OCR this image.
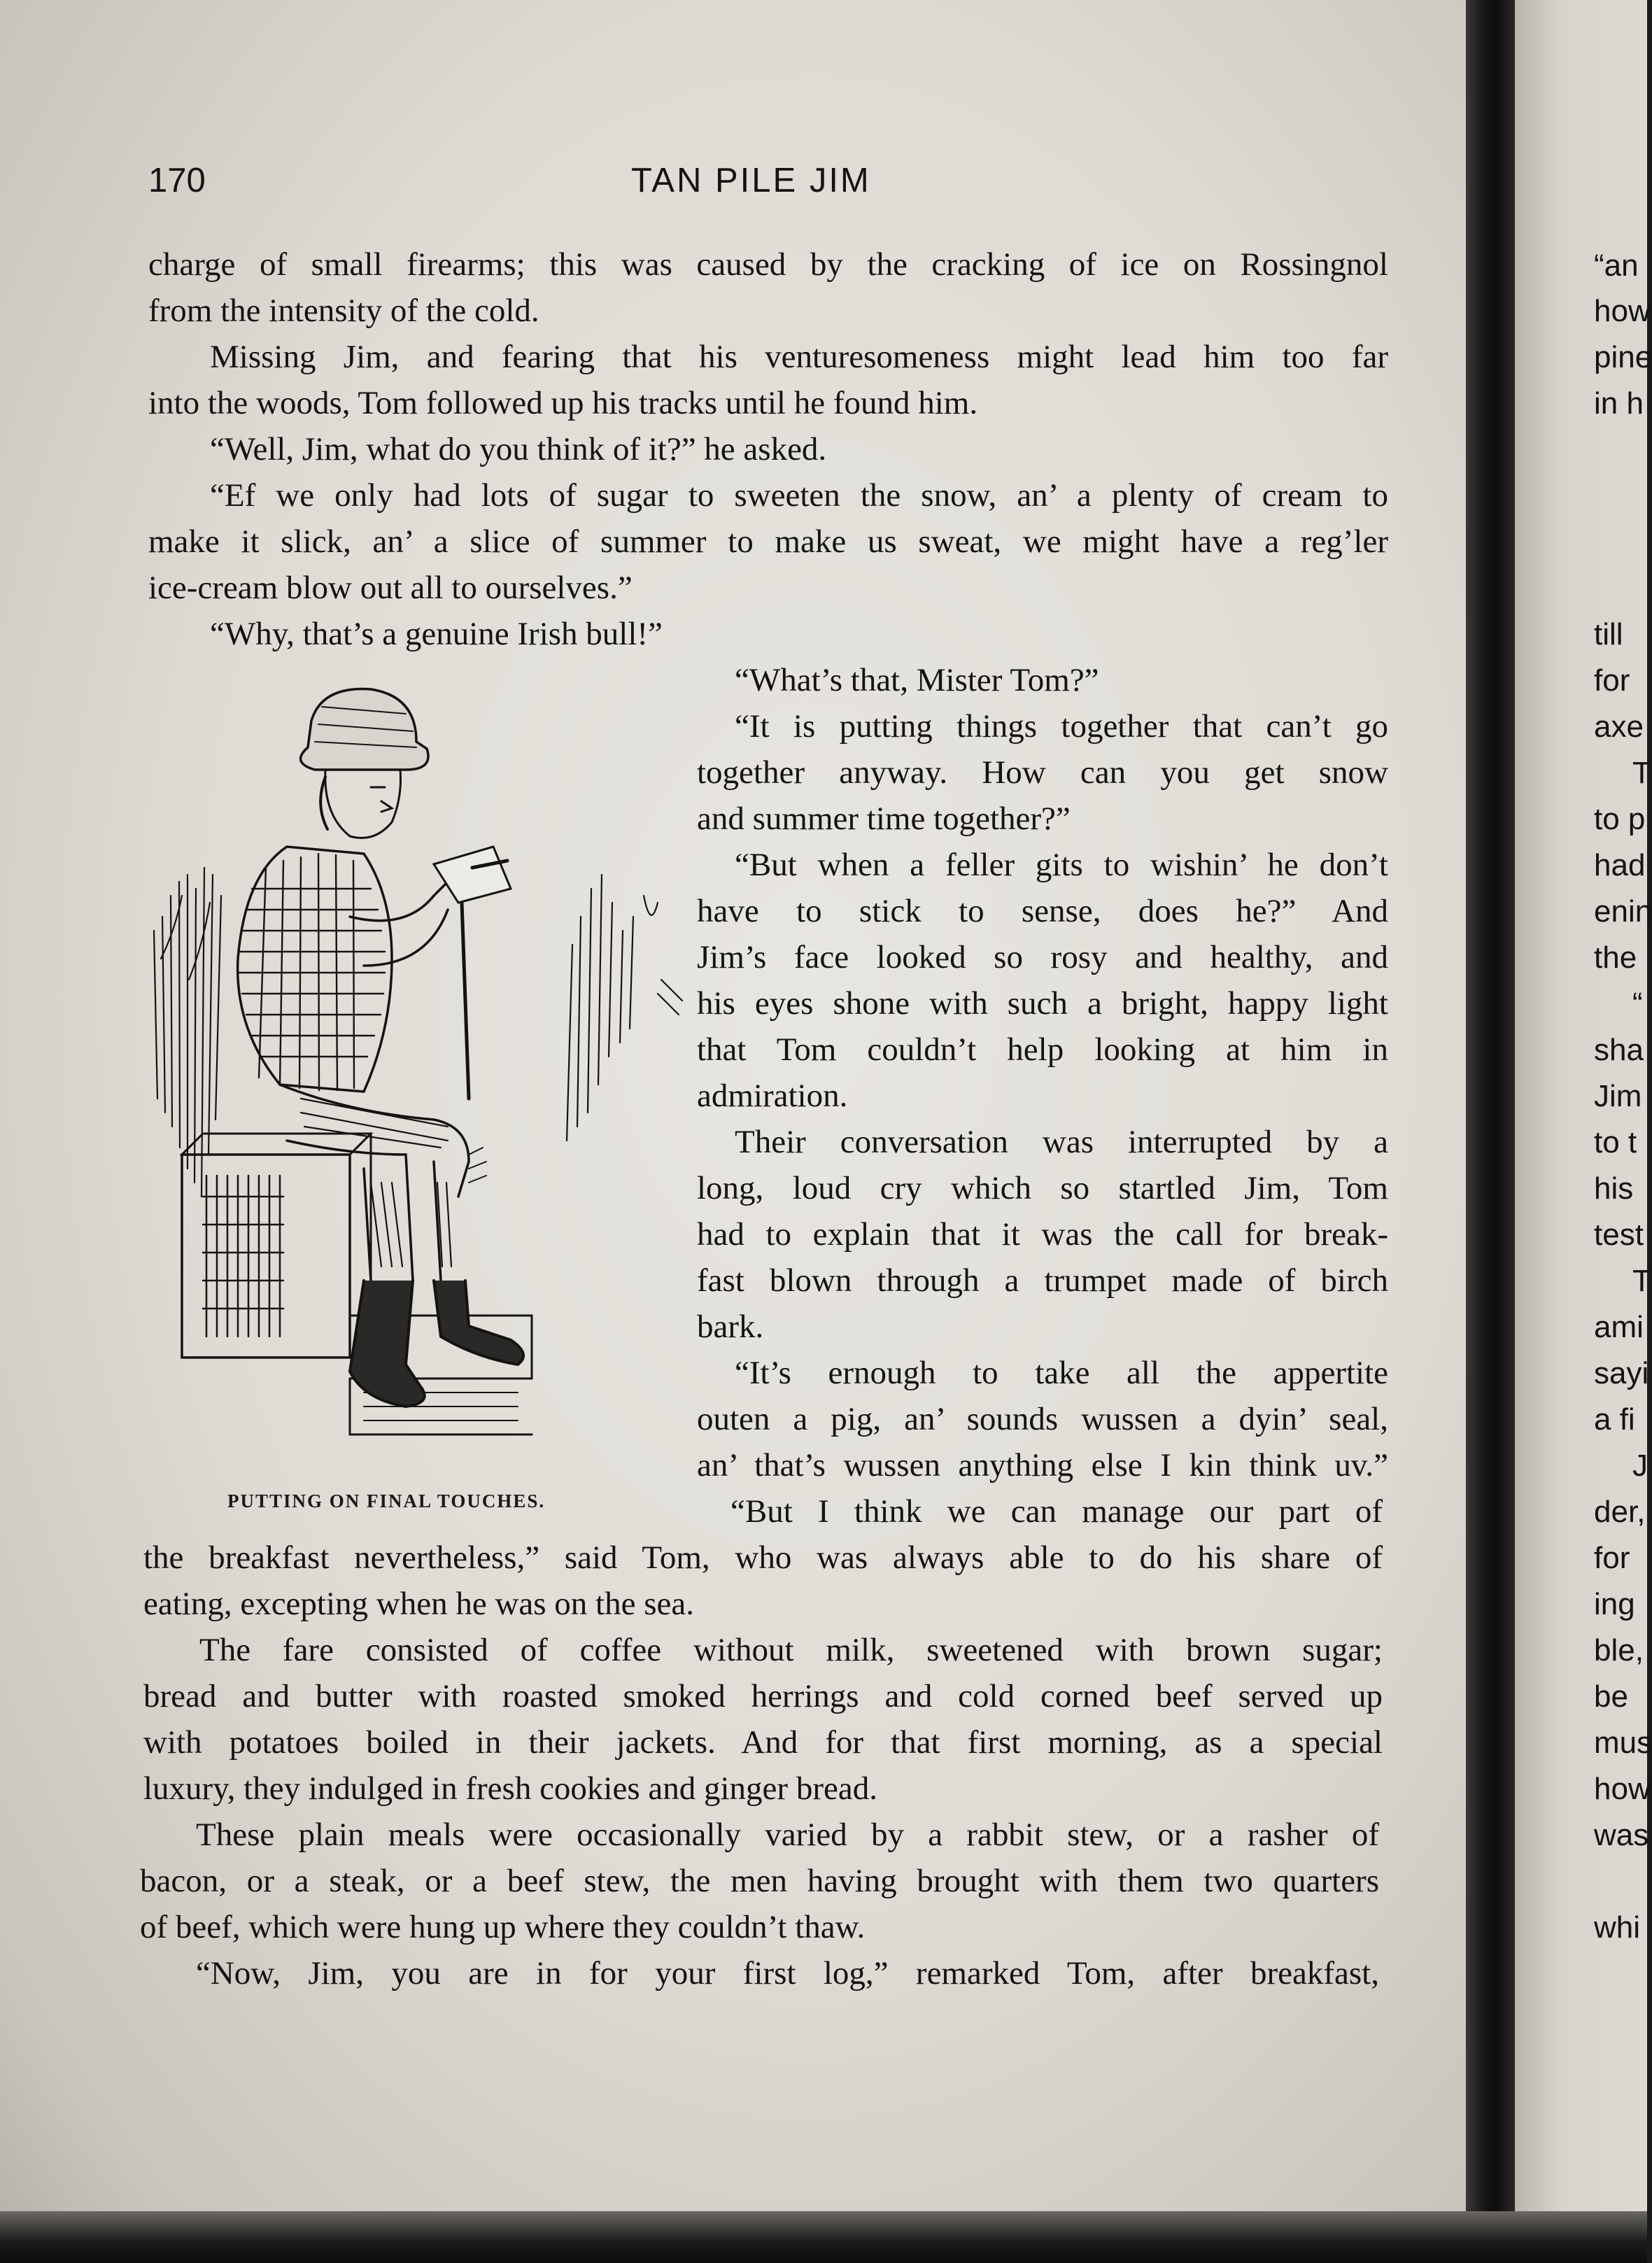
170	TAN PILE JIM

charge of small firearms; this was caused by the cracking of ice on Rossingnol
from the intensity of the cold.

Missing Jim, and fearing that his venturesomeness might lead him too far

into the woods, Tom followed up his tracks until he found him.

“Well, Jim, what do you think of it?” he asked.

“Ef we only had lots of sugar to sweeten the snow, an’ a plenty of cream to

make it slick, an’ a slice of summer to make us sweat, we might have a reg’ler
ice-cream blow out all to ourselves.”

“Why, that’s a genuine Irish bull!”

“What’s that, Mister Tom?”

“It is putting things together that can’t go
together anyway. How can you get snow
and summer time together?”

“But when a feller gits to wishin’ he don’t
have to stick to sense, does he?” And
Jim’s face looked so rosy and healthy, and
his eyes shone with such a bright, happy light
that Tom couldn’t help looking at him in
admiration.

Their conversation was interrupted by a
long, loud cry which so startled Jim, Tom
had to explain that it was the call for break-
fast blown through a trumpet made of birch
bark.

“It’s ernough to take all the appertite
outen a pig, an’ sounds wussen a dyin’ seal,
an’ that’s wussen anything else I kin think uv.”

“But I think we can manage our part of

the breakfast nevertheless,” said Tom, who was always able to do his share of
eating, excepting when he was on the sea.

The fare consisted of coffee without milk, sweetened with brown sugar;
bread and butter with roasted smoked herrings and cold corned beef served up
with potatoes boiled in their jackets. And for that first morning, as a special
luxury, they indulged in fresh cookies and ginger bread.

These plain meals were occasionally varied by a rabbit stew, or a rasher of
bacon, or a steak, or a beef stew, the men having brought with them two quarters
of beef, which were hung up where they couldn’t thaw.

“Now, Jim, you are in for your first log,” remarked Tom, after breakfast,

PUTTING ON FINAL TOUCHES.
“an
how
pine
in h
till
for
axe
T
to p
had
enin
the
“
sha
Jim
to t
his
test
T
ami
sayi
a fi
J
der,
for
ing
ble,
be
mus
how
was
whi
